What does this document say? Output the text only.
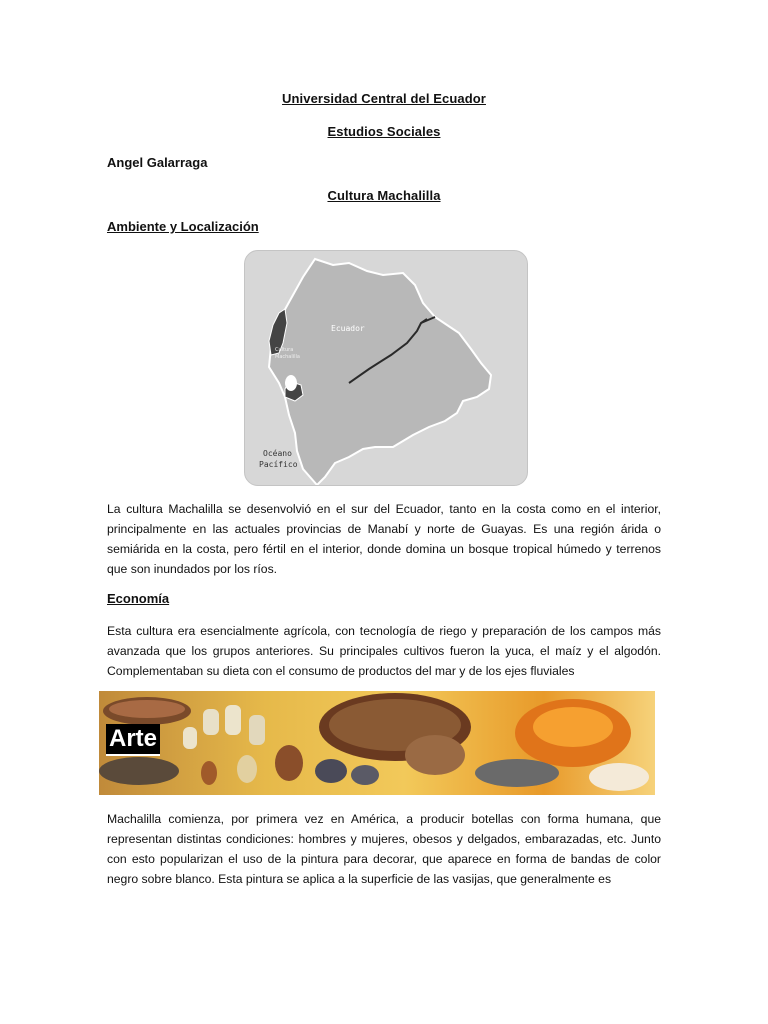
Universidad Central del Ecuador
Estudios Sociales
Angel Galarraga
Cultura Machalilla
Ambiente y Localización
Ecuador
Cultura
Machalilla
Océano
Pacífico
La cultura Machalilla se desenvolvió en el sur del Ecuador, tanto en la costa como en el interior, principalmente en las actuales provincias de Manabí y norte de Guayas. Es una región árida o semiárida en la costa, pero fértil en el interior, donde domina un bosque tropical húmedo y terrenos que son inundados por los ríos.
Economía
Esta cultura era esencialmente agrícola, con tecnología de riego y preparación de los campos más avanzada que los grupos anteriores. Su principales cultivos fueron la yuca, el maíz y el algodón. Complementaban su dieta con el consumo de productos del mar y de los ejes fluviales
Arte
Machalilla comienza, por primera vez en América, a producir botellas con forma humana, que representan distintas condiciones: hombres y mujeres, obesos y delgados, embarazadas, etc. Junto con esto popularizan el uso de la pintura para decorar, que aparece en forma de bandas de color negro sobre blanco. Esta pintura se aplica a la superficie de las vasijas, que generalmente es
